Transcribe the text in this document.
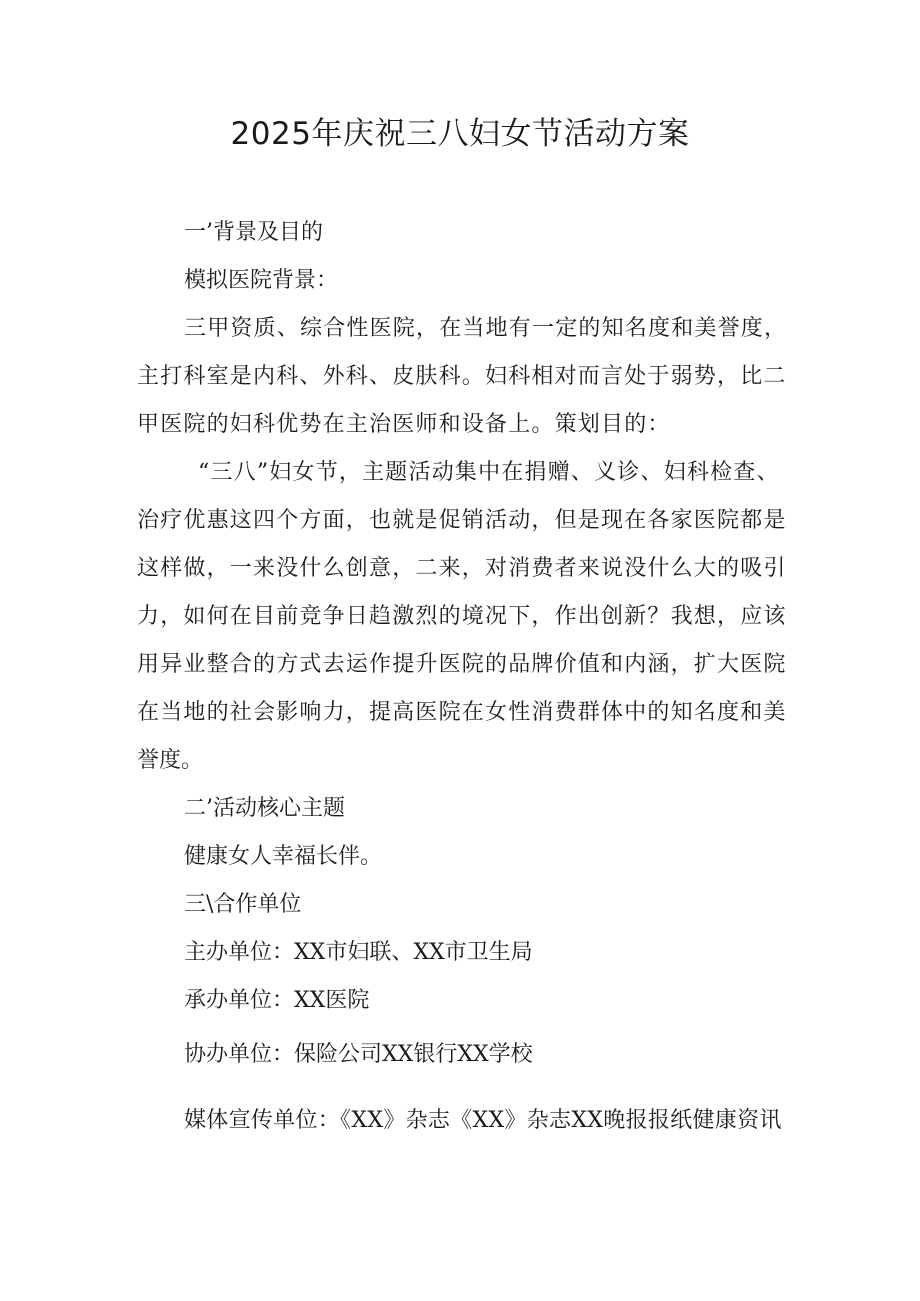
2025年庆祝三八妇女节活动方案

一’背景及目的

模拟医院背景：

三甲资质、综合性医院，在当地有一定的知名度和美誉度，

主打科室是内科、外科、皮肤科。妇科相对而言处于弱势，比二

甲医院的妇科优势在主治医师和设备上。策划目的：

“三八”妇女节，主题活动集中在捐赠、义诊、妇科检查、

治疗优惠这四个方面，也就是促销活动，但是现在各家医院都是

这样做，一来没什么创意，二来，对消费者来说没什么大的吸引

力，如何在目前竞争日趋激烈的境况下，作出创新？我想，应该

用异业整合的方式去运作提升医院的品牌价值和内涵，扩大医院

在当地的社会影响力，提高医院在女性消费群体中的知名度和美

誉度。

二’活动核心主题

健康女人幸福长伴。

三\合作单位

主办单位：XX市妇联、XX市卫生局

承办单位：XX医院

协办单位：保险公司XX银行XX学校

媒体宣传单位：《XX》杂志《XX》杂志XX晚报报纸健康资讯
